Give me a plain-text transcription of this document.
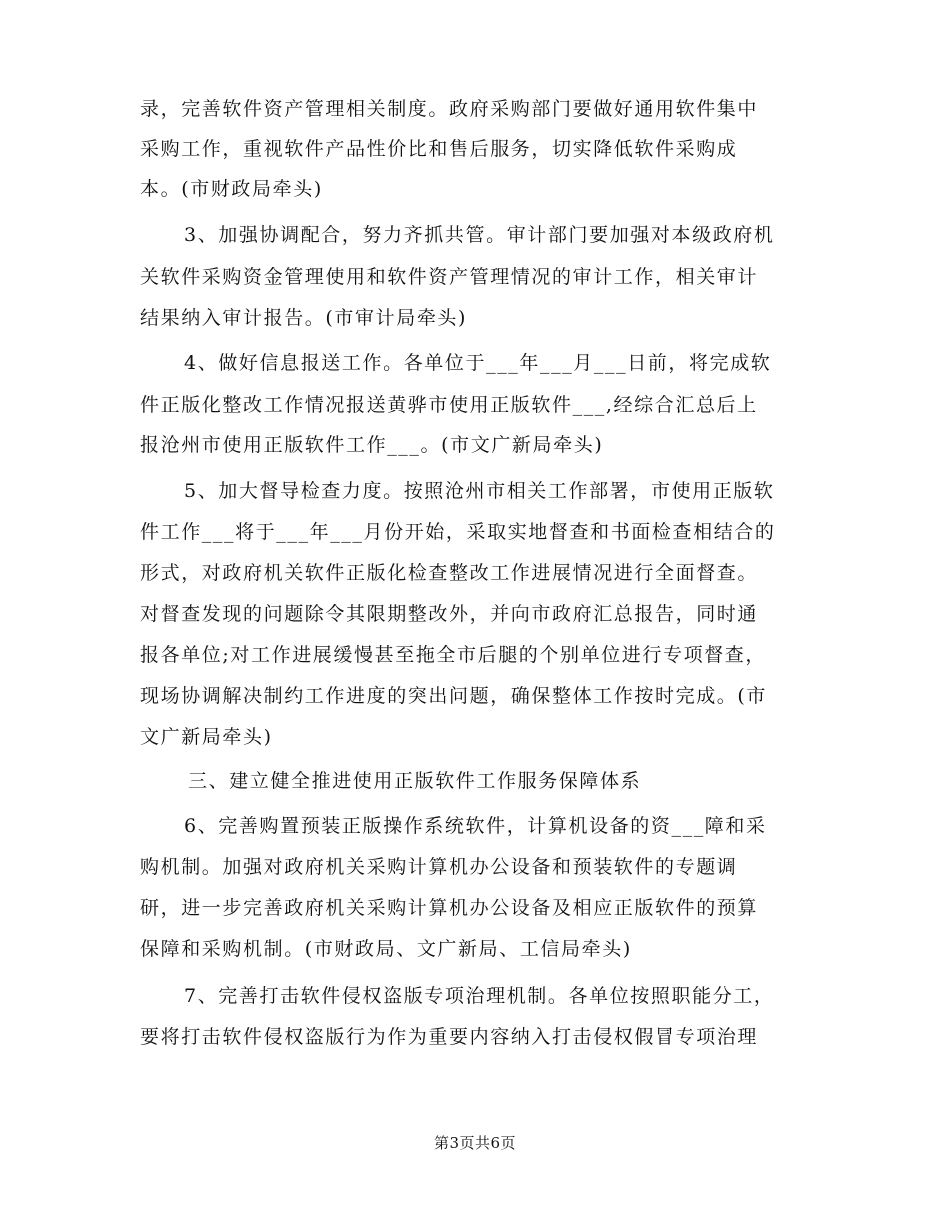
录，完善软件资产管理相关制度。政府采购部门要做好通用软件集中
采购工作，重视软件产品性价比和售后服务，切实降低软件采购成
本。(市财政局牵头)
3、加强协调配合，努力齐抓共管。审计部门要加强对本级政府机
关软件采购资金管理使用和软件资产管理情况的审计工作，相关审计
结果纳入审计报告。(市审计局牵头)
4、做好信息报送工作。各单位于___年___月___日前，将完成软
件正版化整改工作情况报送黄骅市使用正版软件___,经综合汇总后上
报沧州市使用正版软件工作___。(市文广新局牵头)
5、加大督导检查力度。按照沧州市相关工作部署，市使用正版软
件工作___将于___年___月份开始，采取实地督查和书面检查相结合的
形式，对政府机关软件正版化检查整改工作进展情况进行全面督查。
对督查发现的问题除令其限期整改外，并向市政府汇总报告，同时通
报各单位;对工作进展缓慢甚至拖全市后腿的个别单位进行专项督查，
现场协调解决制约工作进度的突出问题，确保整体工作按时完成。(市
文广新局牵头)
三、建立健全推进使用正版软件工作服务保障体系
6、完善购置预装正版操作系统软件，计算机设备的资___障和采
购机制。加强对政府机关采购计算机办公设备和预装软件的专题调
研，进一步完善政府机关采购计算机办公设备及相应正版软件的预算
保障和采购机制。(市财政局、文广新局、工信局牵头)
7、完善打击软件侵权盗版专项治理机制。各单位按照职能分工，
要将打击软件侵权盗版行为作为重要内容纳入打击侵权假冒专项治理
第3页共6页
